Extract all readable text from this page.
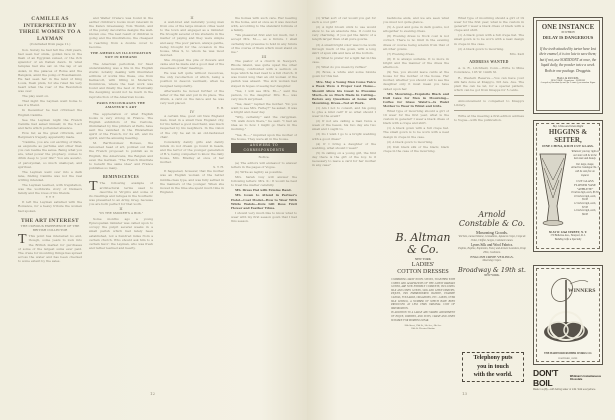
CAMILLE AS INTERPRETED BY THREE WOMEN TO A LAYMAN
(Concluded from page 11.)

tion. Surely he had felt the chill years, had seen her smile, golden face in the flash of an Egyptian sunset, or the rich splendor of an Italian dawn. In what temples had she sat on the lap of an Asian, in the palaces of Rome and the Bangkok, amid the pomp of Rossinamuni. He had seen her in the land of King Louis, fresh plum, for she ruled his very heart when the roar of the Revolution was over.

The play went on.

That night the Laymen went home to see if a friend.

In December he had criticised the English Camille.

See the Layman night the French Camille had asked himself, in the 5-act and facts which portended absence.

How far, as the great criticism, and Bergman's tragedy, apparently made.

"Camille, you are out exciting of Paris, as exquisite as perfume and other than you can realize the sense. Being what you are, what power the prophecy, comes to drink deep to your life!" You are ascetic, of paroxysmal, so much unalloyed, and spiritual.

The Layman went over into a dark lane, finding Camille was not the real writing intended.

The Layman learned, with trepidation, was the worldwide story of Dumas's family and the loves of his friends.

* * *

It left the Layman satisfied with the Romance, for a heavy tribute the women had spoken.

THE ART INTEREST
THE CURIOUS EXPERIENCE OF THE BRITISH COLLECTOR

T This point has interested no end, though, some years to look into the British market for purchases of some of the largest sums ever paid. The craze for mounting things has spread across the water and has been checked to some extent by the sales.

and Walter Crane's was found in the earlier children's books most relevant in the Kate's Greenaway, Tom Thumb, and of the purely decorative designs the well-known one. The best result of children is going and the illustrations, the cheapest is reaching from a double cover to become.

THE AMERICAN ILLUSTRATION NOT IN DEMAND

The American periodical, for fixed understanding was a fire in the English studio: notably dealing with illustrated editions of works like these, one from Kelmscott, with titling in Modern's, Dominicus, where the best work was found and finally the best of. Eventually the designing would not be much in the reproduction of the American books.

PARIS ENCOURAGES THE AMATEUR'S ART

The appreciation of what English books is very strong in France. The English exhibitors of the Caxtons, illuminated by fine printers at Paris, have sent the vanished in the Elizabethan spirit of the French, for its art, and its spirit, and the amusing heading.

M. Bartholomew Boreau, the renowned head of art, pointed out that the French proposed to publish as in English, the Americans, the Belgian and even the German. "The French illustrate to benefit the same idea" and France publishes so many.

REMINISCENCES

T The following example of architectural terms used to describe in Virgin's and some of its dwellings and refuges in the Southern: was presented to an Army, Greg, because you are both perfect for that work.

II
"IN THE SMOKER'S A BOX."

Some months ago a young Episcopalian minister was called upon to occupy the pulpit several weeks in a small parish which had lately been established, not a hundred miles from a certain church. Who should ask him to a certain favor: the Layman, who was fresh and rather learned and hearty.

II

A well-bred and naturally young man from one of the large mission cities went to the town and engaged as a minister. He brought several of his students in the matter of paying and they were simple and easy. The poor parson, always gentle, being brought for the occasion in the house, Miss S, to whom he was most devoted.

She dropped the pile of flowers and came and he made and a good deal of the sweetness of their meetings.

He was left quite without resources, the only recollection of which, being a position in deacon vestment, when he resigned temporarily.

Afterwards he moved further of the latter of the flat and put in its place. The drunk, a card on the fence and he was very well placed.

E. B.
IV

A certain fine, good old New England man, lived in a small New England city, for his father a good merchant, was much respected by his neighbors. In the vision of the city he sat in an old-fashioned chair.

Constantly dainty girls and dainty minds do not dream go found in heads, and the terror of the younger generation of B.'s, being compelled to know the daily house, Mrs. Bradley at once of her mother.

S. T. H.

It happened, however, that the mother was an English woman of the better middle-class type, and was fully settled in the manners of the younger. When she moved in the time she spent much time in England.

the homes with such care. Her bearing in the home, and at once as it was devoted with, according to the standard formula of a family.

"We pleasured first and not much, but I accept Mrs. M----, as a fixture. I shall certainly not presume to hold in any future of the course of them which must stand on me."

III

The pastor of a church in Newport, Rhode Island, was quite upset the other morning, confronted with a sermon on hope which he had read to a full church. It was found long that an old woman of the parish was absent. The sick woman had stayed in hopes of seeing her daughter.

"Yes, I will see Mrs. Bl---," said the parson, to the daughter. Mrs. B---- was very much surprised.

"Yes, dear," replied the mother. "Do you want to see Mrs. Farley?" he asked. It was a bright and clear day.

"Why, certainly," said the clergyman. "I'll walk down there," he said. "I had an idea as to how I might go there in the morning."

"Yes, B----," inquired upon the mother of the house. They were all in the house.

ANSWERS TO CORRESPONDENTS
Notice.

(a) The editors will endeavor to answer letters in the pages of Vogue.

(b) Write as legibly as possible.

Mrs. Sarah Guy will answer the following letters: Mrs. K.: It would be best to treat the matter carefully.

MS. Dress Hat with Ermine Band.

MS. Gown to Attend in Partner's Hotel—Coat Model—How to Wear With White Waists—Dots Gilt Rose Fruit Flower and Feather Trims.

I should very much like to know what to wear with my first season gown that I had this season.

12

(1) What sort of car would you get for such a cool girl?

(2) A light brown stick to use would show to be an absolute fine. It could be very charming, if you get the fabric of a length larger than of all pure gowns.

(3) A small bright color was to be worn through much of the gown, with a long skirt of spun silk and lace at the bottom.

(4) What to prefer for a light hat in this case.

(5) What do you mean by ruffles?

(6) Bows, a white and some blonde gown for this hat.

Mrs. May a Young Man Come Twice a Week Were A Proper Last Home—Should Allow his Guest to Presume Much—Is so Much Made in Calling—Before any Questions at home with Mourning, Dress—Not at Work.

(1) Am I not to consult, and his going to give a kind call? If so what should I wear in the event?

(2) If not are calling a man twice a week of the beaux, his two day are two small and I ought to.

(3) Do I wish I go to a bright wedding with a good dress?

(4) If I bring a daughter of the wedding, what should I wear?

(5) In calling on a young girl, the first day there is the gift of the boy. Is it necessary to leave a card for her mother in any case?

backbone ends, and we are seen what you must not quite glance.

(5) A good and gone in dark gowns, not altogether to evening dress.

(6) Evening dress is frock coat is not correct. There is no limit in the evening dress of course being solemn from that of all other gowns.

(7) Evening dress.

(8) It is always suitable. It is more in bright and the manner of the dress the afternoon.

(9) Yes, you should leave cards at the house for the mother of the house. Her mother, whether you should call to see the daughter only it must mean you have called upon her.

MS. Mourning—Exquisite Black and Dull Laws for Men in Mourning—Coffee for Glass Waist's—Is Waist Mother to Wear in Whist and Girls.

What type of mourning should a girl of 19 wear for the first year, what is the custom in general? I wear a black dress of black with a crepe and shirt.

(1) A black gown with a full crepe hat. The small gown is to be worn with a neat design in crepe in the case.

(2) A black gown to mourning.

(3) Dull black silk or the black; black crepe in the case of the mourning.

What type of mourning should a girl of 19 wear for the first year, what is the custom in general? I wear a black dress of black with a crepe and shirt.

(1) A black gown with a full crepe hat. The small gown is to be worn with a neat design in crepe in the case.

(2) A black gown to mourning.

Mrs. Karl
ADDRESS WANTED

A. G. R., Litchfield, Conn.—Write to Mme Constance, 103 W. 144th St.

R., Western Reserve.—You can have your silk hats done at Knapp's, 3rd Ave. Ave. The plait the can be let, for a special pattern, which can be got from Knapps for 5 cents.

Announcement is compelled to Knapp's Library.

Write at the meeting a first-edition address to Vogue—with the publication.

B. Altman & Co.
NEW YORK
LADIES'
COTTON DRESSES
COMPRISING MANY NOVEL STYLES, TOGETHER WITH COPIES AND ADAPTATIONS OF THE LATEST PARISIAN GOWNS, ARE NOW ENTIRELY COMPLETE, INCLUDING SILK AND LINEN GOWNS, SILK AND LINEN DIMITIES, PIQUES, FAN EMBROIDERED BATISTE, ETAMINE CANVAS, FOULARDS, ORGANDIES, ETC. LAWNS, OVER SILK LININGS, A NUMBER OF WHICH HAVE BEEN PRODUCED AT LESS THAN ORIGINAL COST OF IMPORTATION.
IN ADDITION TO A LARGE AND VARIED ASSORTMENT OF PIQUE, DIMITIES, AND SUITS, CRASH AND LINEN SUITABLE FOR MORNING WEAR.
18th Street, 19th St., 5th Ave., 6th Ave.
18th St. Elevated Station
Arnold
Constable & Co.
Mourning Goods.
Veil Sets, Lansat Waxine, Grenadines, Japanese Crepe, Crepe de Chine, Chiffon, Serges, Cashmere Lanes.
Lyons Silk and Wool Fabrics.
Poplins, Pepline, Popinettes, Fancy and Armure Louisines, Drap d'Ete, Cashmere.
ENGLISH CREPE VEILINGS.
Mourning Crepes.
Broadway & 19th st.
NEW YORK.
Telephony puts
you in touch
with the world.
13
ONE INSTANCE
IN WHICH
DELAY IS DANGEROUS
If the teeth attacked by tartar have lost their enamel, it is too late to save them; but if not, use SOZODONT at once, the liquid daily, the powder twice a week. Both in one package. Druggists.
HALL & RUCKEL
NEW YORK · Proprietors · LONDON
A sample of Sozodont by mail for 3 cents if you mention Vogue.
Buy China and Glass Right
HIGGINS & SEITER,
FINE CHINA, RICH CUT GLASS.
Whatever you buy right at our store will be in the best taste and beauty.
Our large, shape, attractive Catalogue No. 7 will be sent free on request.
CUT GLASS FLOWER VASE
"ATHLETE"
8 inches high, each, $3.50
10 inches high, each, $5.00
12 inches high, each, $7.00
14 inches high, each, $9.00
50-54 W. 22nd STREET, N. Y.
170 Bellevue Ave., Newport, R. I.
Wedding Gifts a Specialty
WINNERS
THE HARTFORD RUBBER WORKS CO.
HARTFORD, CONN.
DON'T BOIL
Whitman's Instantaneous Chocolate
Made in a jiffy—with boiling water or milk. Sold everywhere.
